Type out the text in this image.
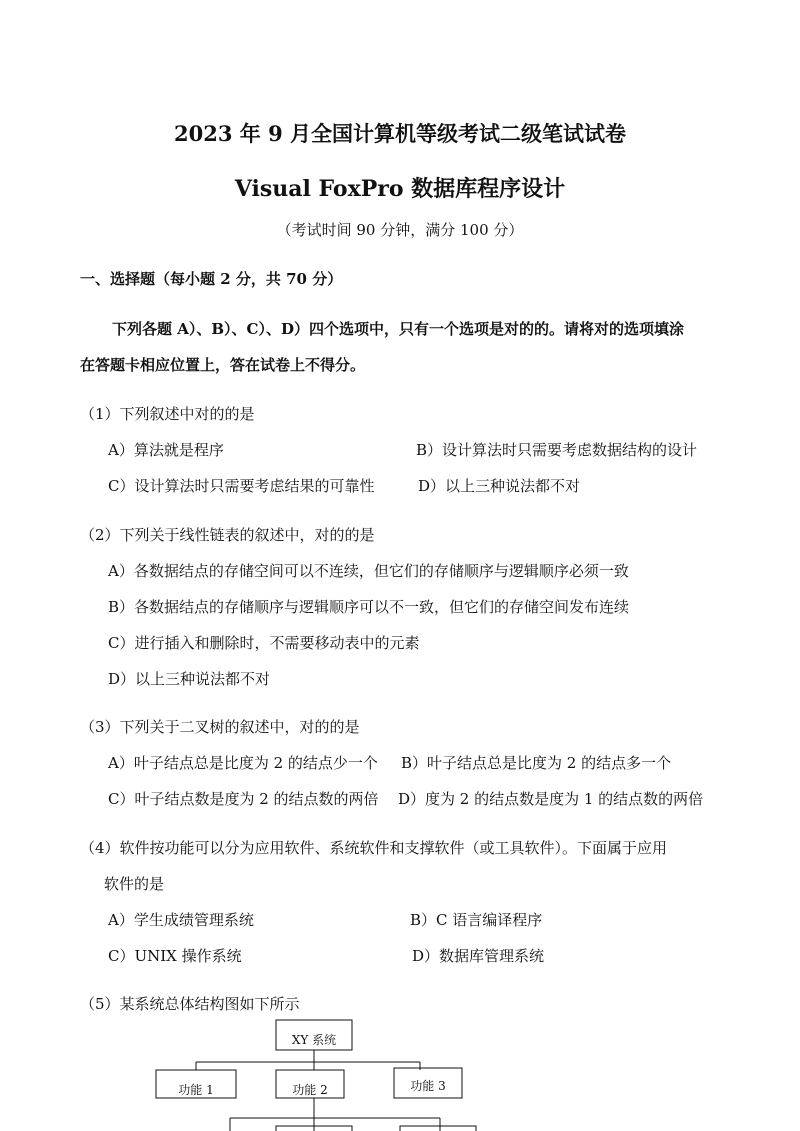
2023 年 9 月全国计算机等级考试二级笔试试卷
Visual FoxPro 数据库程序设计
（考试时间 90 分钟，满分 100 分）
一、选择题（每小题 2 分，共 70 分）
下列各题 A）、B）、C）、D）四个选项中，只有一个选项是对的的。请将对的选项填涂
在答题卡相应位置上，答在试卷上不得分。
（1）下列叙述中对的的是
A）算法就是程序	B）设计算法时只需要考虑数据结构的设计
C）设计算法时只需要考虑结果的可靠性	D）以上三种说法都不对
（2）下列关于线性链表的叙述中，对的的是
A）各数据结点的存储空间可以不连续，但它们的存储顺序与逻辑顺序必须一致
B）各数据结点的存储顺序与逻辑顺序可以不一致，但它们的存储空间发布连续
C）进行插入和删除时，不需要移动表中的元素
D）以上三种说法都不对
（3）下列关于二叉树的叙述中，对的的是
A）叶子结点总是比度为 2 的结点少一个 B）叶子结点总是比度为 2 的结点多一个
C）叶子结点数是度为 2 的结点数的两倍 D）度为 2 的结点数是度为 1 的结点数的两倍
（4）软件按功能可以分为应用软件、系统软件和支撑软件（或工具软件）。下面属于应用
软件的是
A）学生成绩管理系统	B）C 语言编译程序
C）UNIX 操作系统	D）数据库管理系统
（5）某系统总体结构图如下所示
XY 系统
功能 1	功能 2	功能 3
